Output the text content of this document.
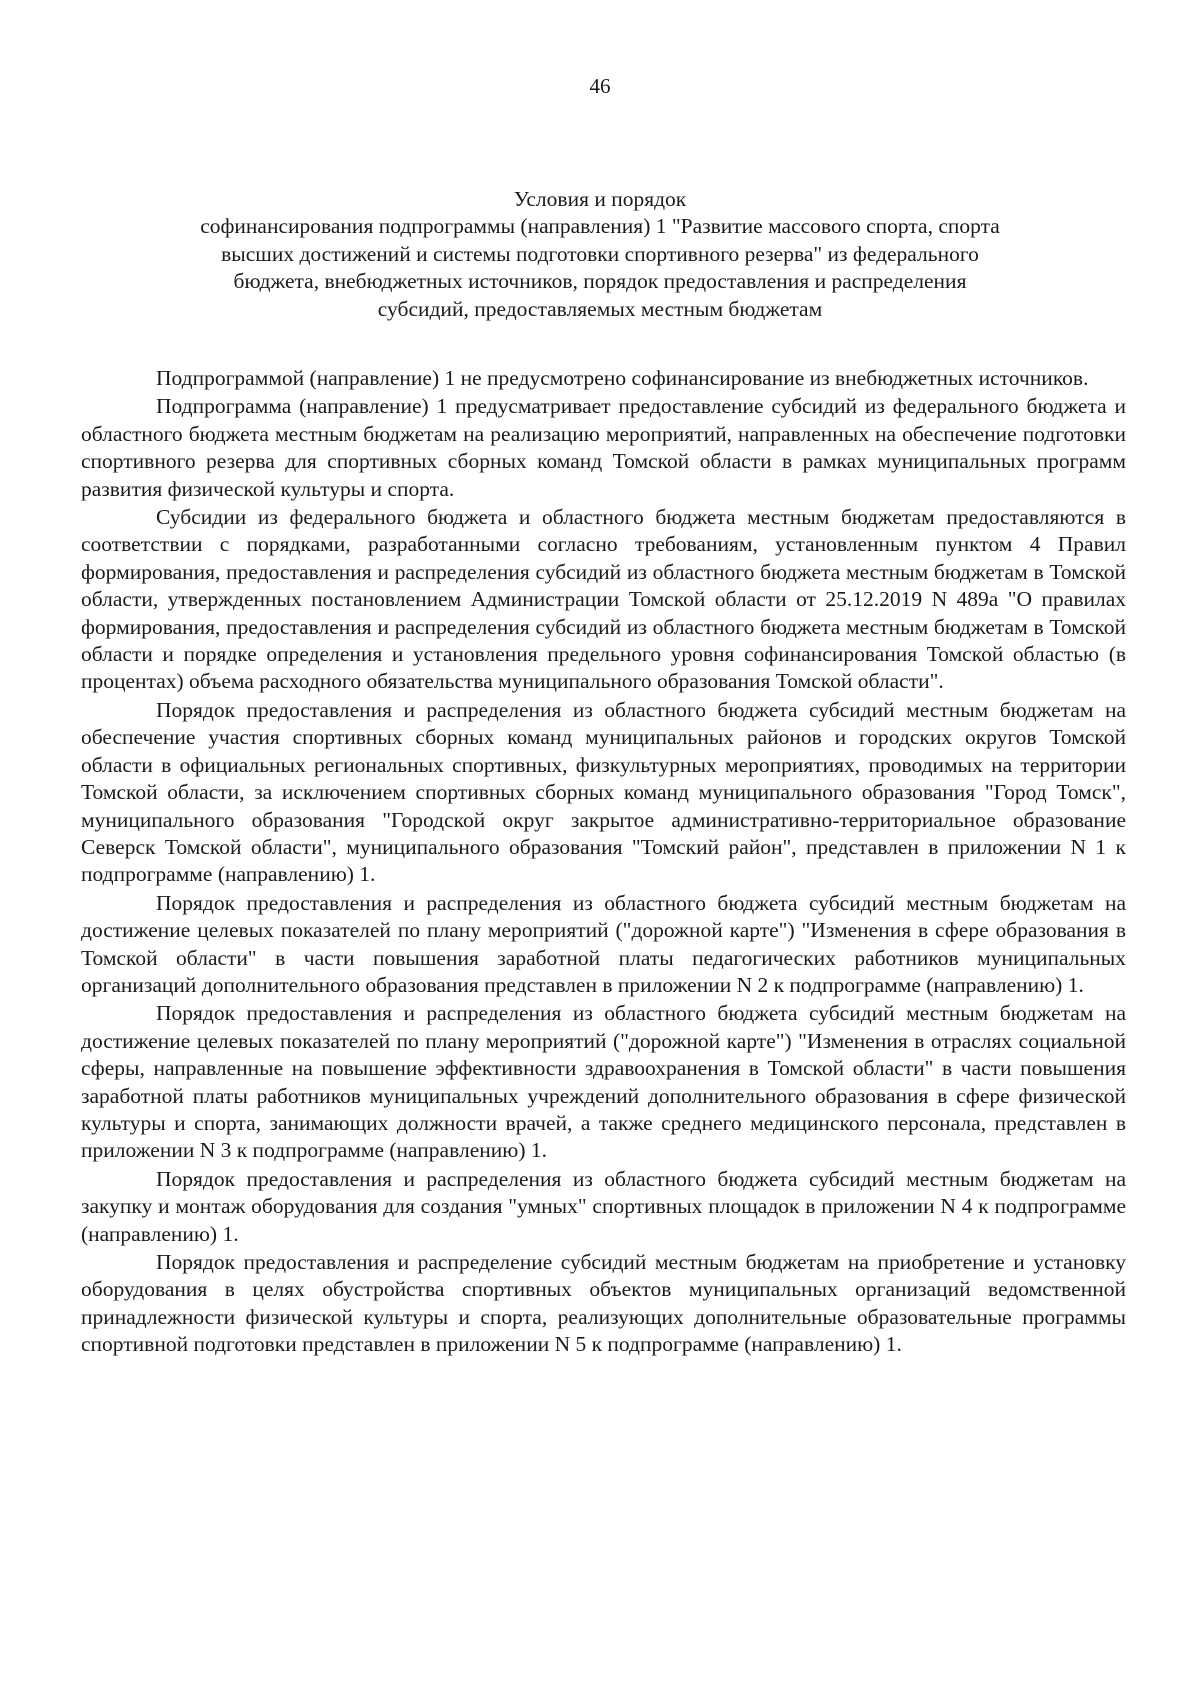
46
Условия и порядок
софинансирования подпрограммы (направления) 1 "Развитие массового спорта, спорта
высших достижений и системы подготовки спортивного резерва" из федерального
бюджета, внебюджетных источников, порядок предоставления и распределения
субсидий, предоставляемых местным бюджетам

Подпрограммой (направление) 1 не предусмотрено софинансирование из внебюджетных источников.

Подпрограмма (направление) 1 предусматривает предоставление субсидий из федерального бюджета и областного бюджета местным бюджетам на реализацию мероприятий, направленных на обеспечение подготовки спортивного резерва для спортивных сборных команд Томской области в рамках муниципальных программ развития физической культуры и спорта.

Субсидии из федерального бюджета и областного бюджета местным бюджетам предоставляются в соответствии с порядками, разработанными согласно требованиям, установленным пунктом 4 Правил формирования, предоставления и распределения субсидий из областного бюджета местным бюджетам в Томской области, утвержденных постановлением Администрации Томской области от 25.12.2019 N 489а "О правилах формирования, предоставления и распределения субсидий из областного бюджета местным бюджетам в Томской области и порядке определения и установления предельного уровня софинансирования Томской областью (в процентах) объема расходного обязательства муниципального образования Томской области".

Порядок предоставления и распределения из областного бюджета субсидий местным бюджетам на обеспечение участия спортивных сборных команд муниципальных районов и городских округов Томской области в официальных региональных спортивных, физкультурных мероприятиях, проводимых на территории Томской области, за исключением спортивных сборных команд муниципального образования "Город Томск", муниципального образования "Городской округ закрытое административно-территориальное образование Северск Томской области", муниципального образования "Томский район", представлен в приложении N 1 к подпрограмме (направлению) 1.

Порядок предоставления и распределения из областного бюджета субсидий местным бюджетам на достижение целевых показателей по плану мероприятий ("дорожной карте") "Изменения в сфере образования в Томской области" в части повышения заработной платы педагогических работников муниципальных организаций дополнительного образования представлен в приложении N 2 к подпрограмме (направлению) 1.

Порядок предоставления и распределения из областного бюджета субсидий местным бюджетам на достижение целевых показателей по плану мероприятий ("дорожной карте") "Изменения в отраслях социальной сферы, направленные на повышение эффективности здравоохранения в Томской области" в части повышения заработной платы работников муниципальных учреждений дополнительного образования в сфере физической культуры и спорта, занимающих должности врачей, а также среднего медицинского персонала, представлен в приложении N 3 к подпрограмме (направлению) 1.

Порядок предоставления и распределения из областного бюджета субсидий местным бюджетам на закупку и монтаж оборудования для создания "умных" спортивных площадок в приложении N 4 к подпрограмме (направлению) 1.

Порядок предоставления и распределение субсидий местным бюджетам на приобретение и установку оборудования в целях обустройства спортивных объектов муниципальных организаций ведомственной принадлежности физической культуры и спорта, реализующих дополнительные образовательные программы спортивной подготовки представлен в приложении N 5 к подпрограмме (направлению) 1.
